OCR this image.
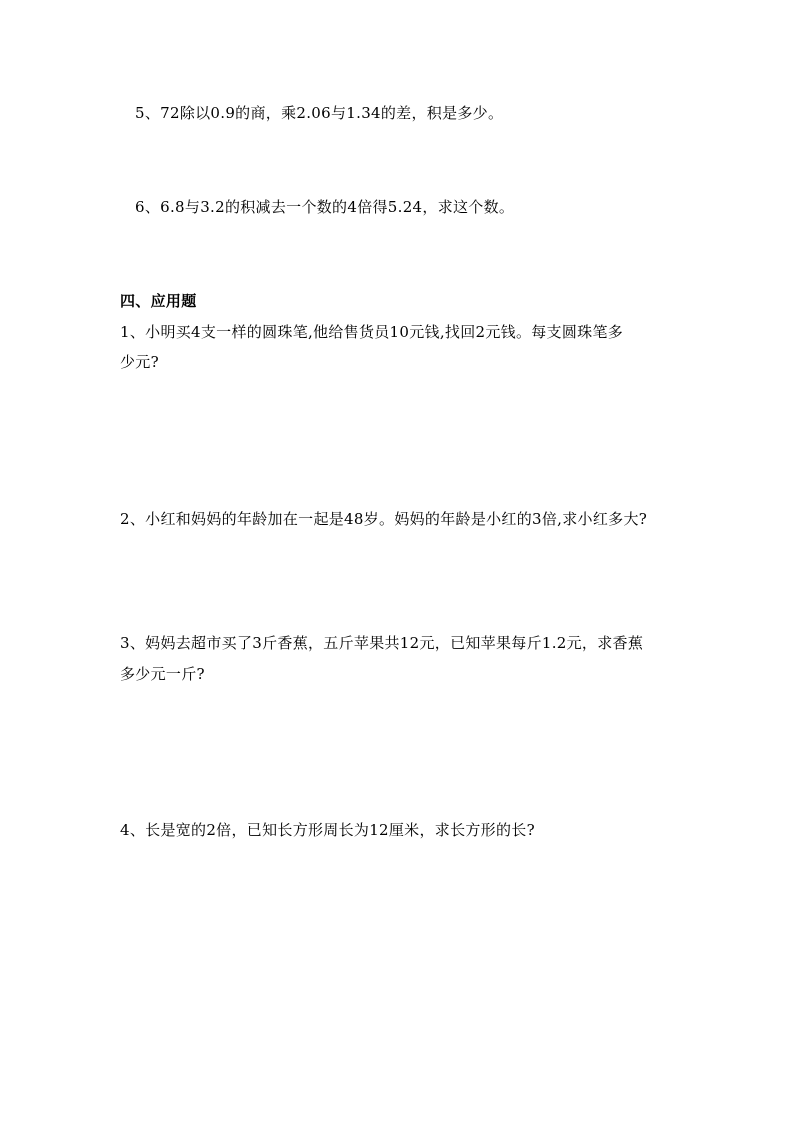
5、72除以0.9的商，乘2.06与1.34的差，积是多少。
6、6.8与3.2的积减去一个数的4倍得5.24，求这个数。
四、应用题
1、小明买4支一样的圆珠笔,他给售货员10元钱,找回2元钱。每支圆珠笔多
少元?
2、小红和妈妈的年龄加在一起是48岁。妈妈的年龄是小红的3倍,求小红多大?
3、妈妈去超市买了3斤香蕉，五斤苹果共12元，已知苹果每斤1.2元，求香蕉
多少元一斤?
4、长是宽的2倍，已知长方形周长为12厘米，求长方形的长?
